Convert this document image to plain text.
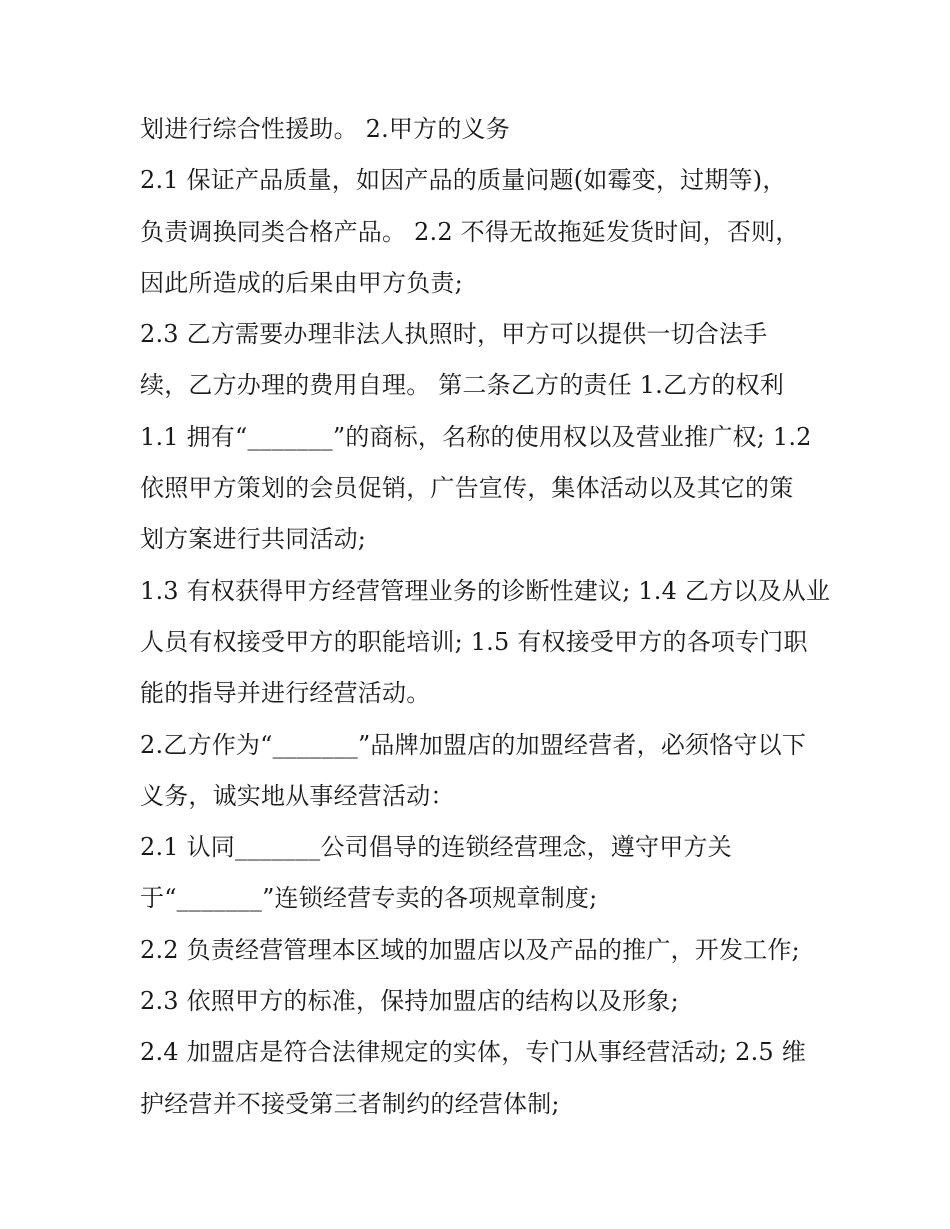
划进行综合性援助。 2.甲方的义务
2.1 保证产品质量，如因产品的质量问题(如霉变，过期等)，
负责调换同类合格产品。 2.2 不得无故拖延发货时间，否则，
因此所造成的后果由甲方负责;
2.3 乙方需要办理非法人执照时，甲方可以提供一切合法手
续，乙方办理的费用自理。 第二条乙方的责任 1.乙方的权利
1.1 拥有“_______”的商标，名称的使用权以及营业推广权; 1.2
依照甲方策划的会员促销，广告宣传，集体活动以及其它的策
划方案进行共同活动;
1.3 有权获得甲方经营管理业务的诊断性建议; 1.4 乙方以及从业
人员有权接受甲方的职能培训; 1.5 有权接受甲方的各项专门职
能的指导并进行经营活动。
2.乙方作为“_______”品牌加盟店的加盟经营者，必须恪守以下
义务，诚实地从事经营活动：
2.1 认同_______公司倡导的连锁经营理念，遵守甲方关
于“_______”连锁经营专卖的各项规章制度;
2.2 负责经营管理本区域的加盟店以及产品的推广，开发工作;
2.3 依照甲方的标准，保持加盟店的结构以及形象;
2.4 加盟店是符合法律规定的实体，专门从事经营活动; 2.5 维
护经营并不接受第三者制约的经营体制;
